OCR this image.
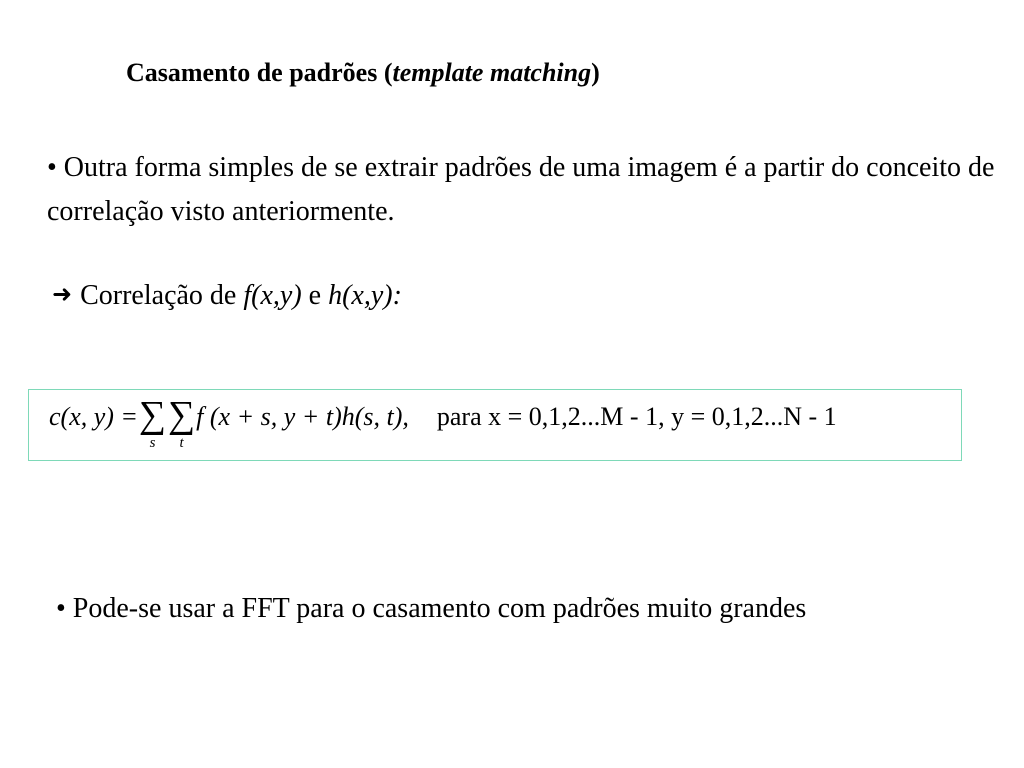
Casamento de padrões (template matching)
• Outra forma simples de se extrair padrões de uma imagem é a partir do conceito de correlação visto anteriormente.
➜ Correlação de f(x,y) e h(x,y):
c(x, y) = ∑
s
∑
t
f (x + s, y + t)h(s, t), para x = 0,1,2...M - 1, y = 0,1,2...N - 1
• Pode-se usar a FFT para o casamento com padrões muito grandes
